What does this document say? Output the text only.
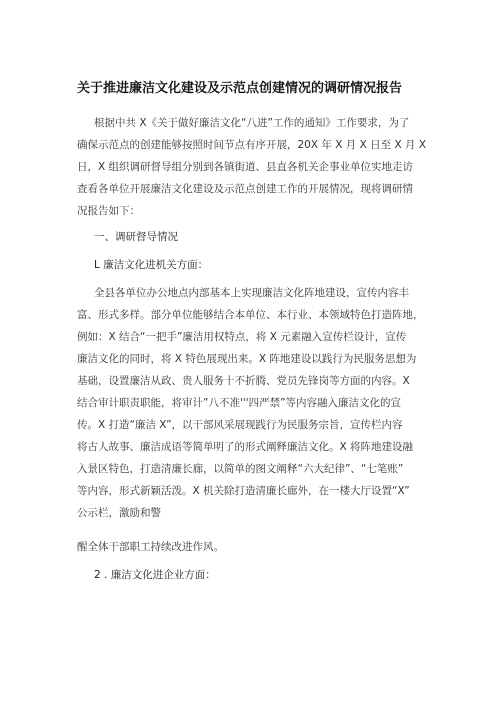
关于推进廉洁文化建设及示范点创建情况的调研情况报告
根据中共 X《关于做好廉洁文化“八进”工作的通知》工作要求，为了
确保示范点的创建能够按照时间节点有序开展，20X 年 X 月 X 日至 X 月 X
日，X 组织调研督导组分别到各镇街道、县直各机关企事业单位实地走访
查看各单位开展廉洁文化建设及示范点创建工作的开展情况，现将调研情
况报告如下：
一、调研督导情况
L 廉洁文化进机关方面：
全县各单位办公地点内部基本上实现廉洁文化阵地建设，宣传内容丰
富、形式多样。部分单位能够结合本单位、本行业、本领域特色打造阵地，
例如：X 结合“一把手”廉洁用权特点，将 X 元素融入宣传栏设计，宣传
廉洁文化的同时，将 X 特色展现出来。X 阵地建设以践行为民服务思想为
基础，设置廉洁从政、贵人服务十不折腾、党员先锋岗等方面的内容。X
结合审计职责职能，将审计”八不准'''四严禁”等内容融入廉洁文化的宣
传。X 打造“廉洁 X”，以干部风采展现践行为民服务宗旨，宣传栏内容
将古人故事、廉洁成语等简单明了的形式阐释廉洁文化。X 将阵地建设融
入景区特色，打造清廉长廊，以简单的图文阐释“六大纪律”、“七笔账”
等内容，形式新颖活泼。X 机关除打造清廉长廊外，在一楼大厅设置“X”
公示栏，激励和警
醒全体干部职工持续改进作风。
2 . 廉洁文化进企业方面：
